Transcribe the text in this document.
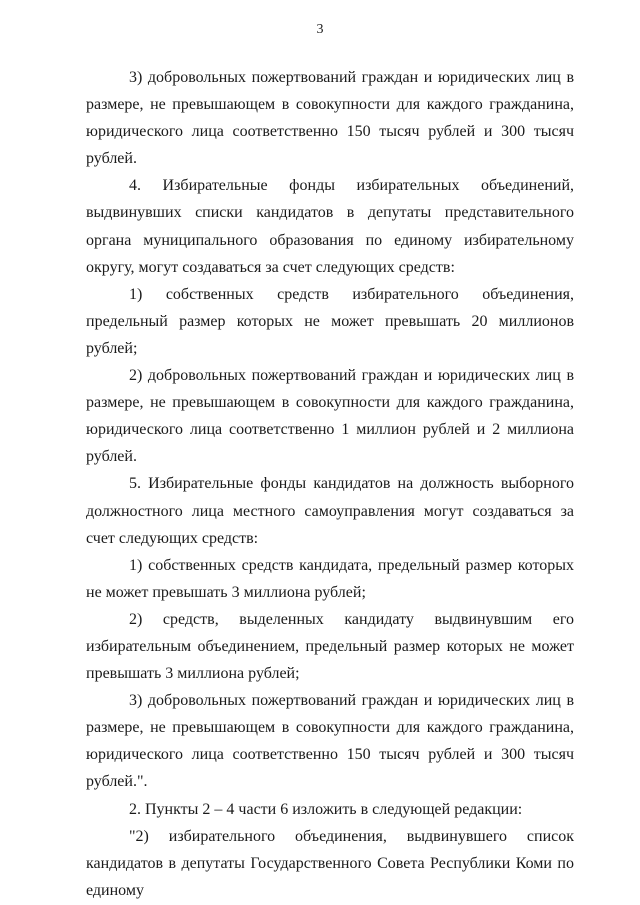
3

3) добровольных пожертвований граждан и юридических лиц в размере, не превышающем в совокупности для каждого гражданина, юридического лица соответственно 150 тысяч рублей и 300 тысяч рублей.

4. Избирательные фонды избирательных объединений, выдвинувших списки кандидатов в депутаты представительного органа муниципального образования по единому избирательному округу, могут создаваться за счет следующих средств:

1) собственных средств избирательного объединения, предельный размер которых не может превышать 20 миллионов рублей;

2) добровольных пожертвований граждан и юридических лиц в размере, не превышающем в совокупности для каждого гражданина, юридического лица соответственно 1 миллион рублей и 2 миллиона рублей.

5. Избирательные фонды кандидатов на должность выборного должностного лица местного самоуправления могут создаваться за счет следующих средств:

1) собственных средств кандидата, предельный размер которых не может превышать 3 миллиона рублей;

2) средств, выделенных кандидату выдвинувшим его избирательным объединением, предельный размер которых не может превышать 3 миллиона рублей;

3) добровольных пожертвований граждан и юридических лиц в размере, не превышающем в совокупности для каждого гражданина, юридического лица соответственно 150 тысяч рублей и 300 тысяч рублей.".

2. Пункты 2 – 4 части 6 изложить в следующей редакции:

"2) избирательного объединения, выдвинувшего список кандидатов в депутаты Государственного Совета Республики Коми по единому
